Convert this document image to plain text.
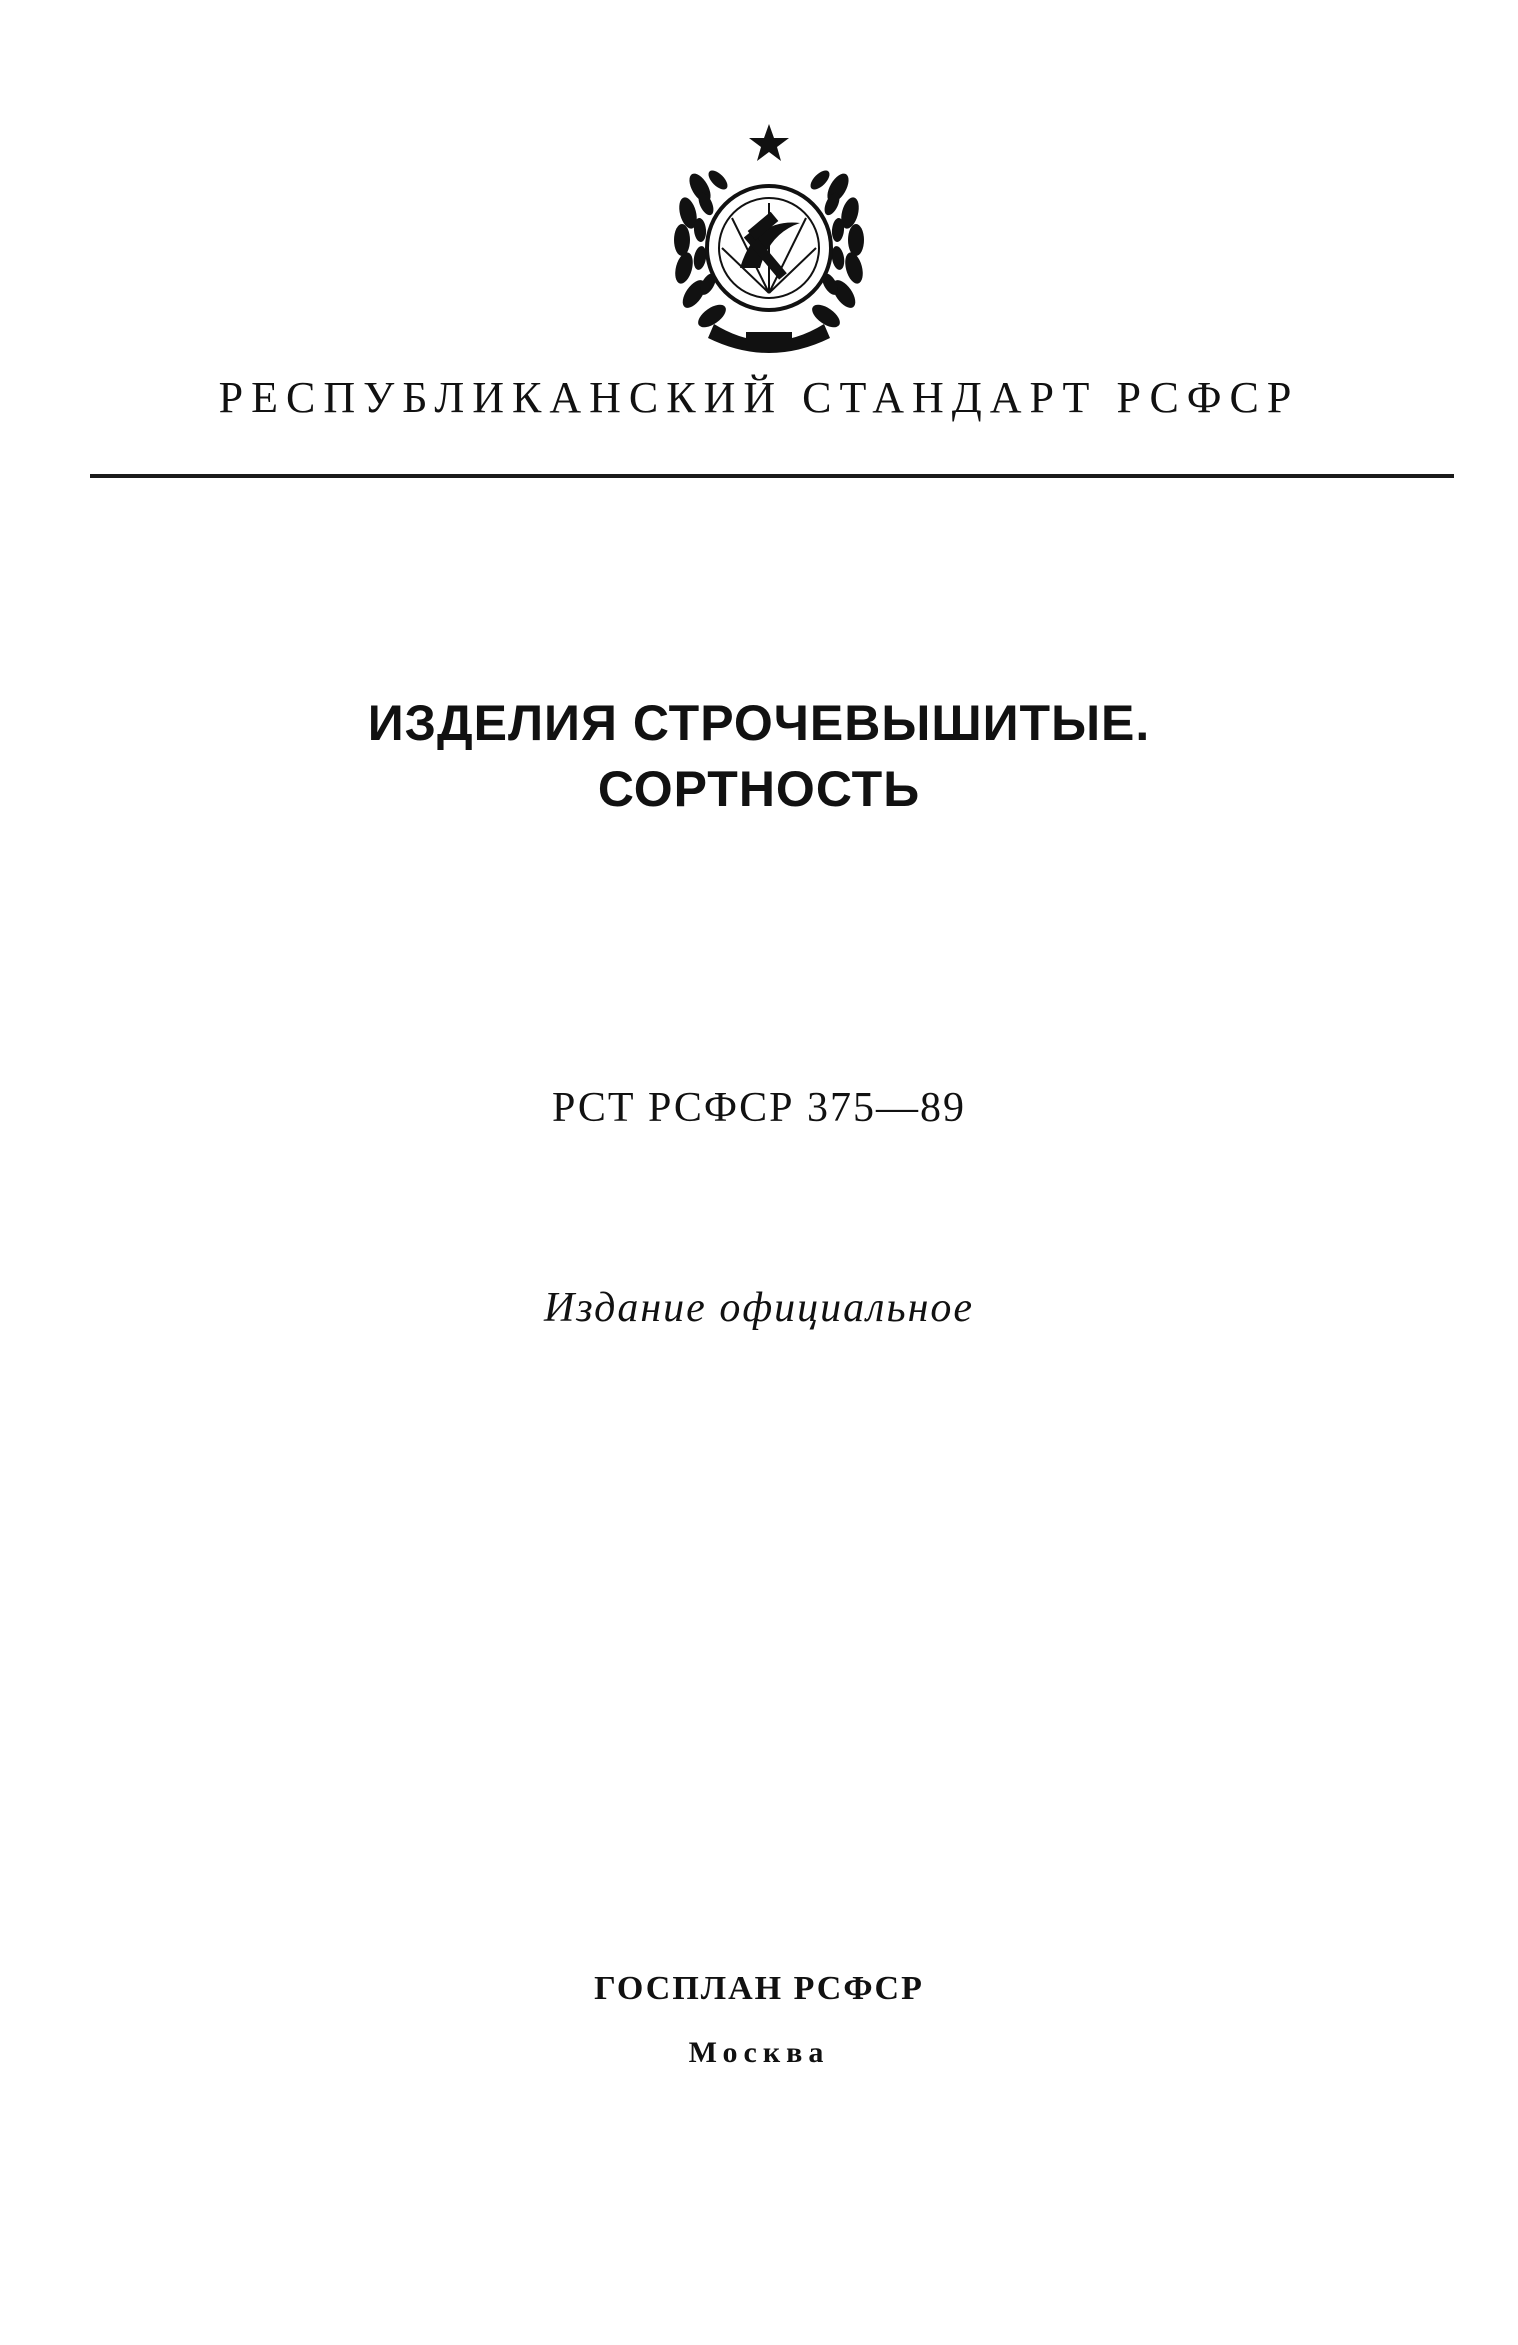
РЕСПУБЛИКАНСКИЙ СТАНДАРТ РСФСР
ИЗДЕЛИЯ СТРОЧЕВЫШИТЫЕ.
СОРТНОСТЬ
РСТ РСФСР 375—89
Издание официальное
ГОСПЛАН РСФСР
Москва
